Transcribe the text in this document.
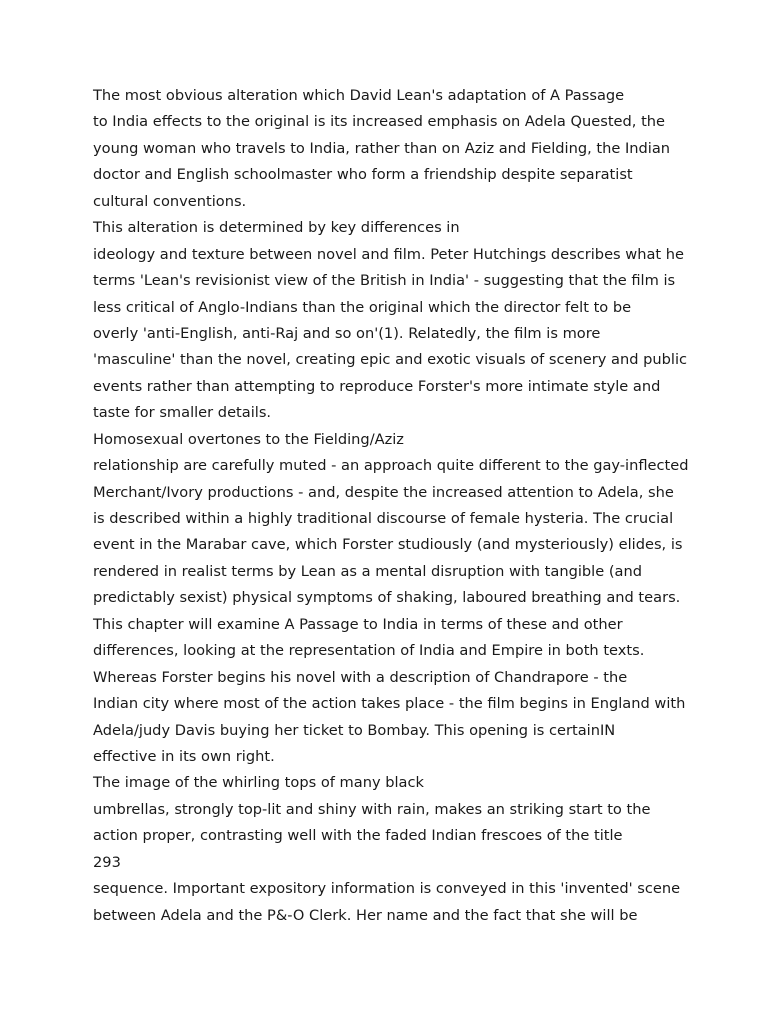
The most obvious alteration which David Lean's adaptation of A Passage
to India effects to the original is its increased emphasis on Adela Quested, the
young woman who travels to India, rather than on Aziz and Fielding, the Indian
doctor and English schoolmaster who form a friendship despite separatist
cultural conventions.
This alteration is determined by key differences in
ideology and texture between novel and film. Peter Hutchings describes what he
terms 'Lean's revisionist view of the British in India' - suggesting that the film is
less critical of Anglo-Indians than the original which the director felt to be
overly 'anti-English, anti-Raj and so on'(1). Relatedly, the film is more
'masculine' than the novel, creating epic and exotic visuals of scenery and public
events rather than attempting to reproduce Forster's more intimate style and
taste for smaller details.
Homosexual overtones to the Fielding/Aziz
relationship are carefully muted - an approach quite different to the gay-inflected
Merchant/Ivory productions - and, despite the increased attention to Adela, she
is described within a highly traditional discourse of female hysteria. The crucial
event in the Marabar cave, which Forster studiously (and mysteriously) elides, is
rendered in realist terms by Lean as a mental disruption with tangible (and
predictably sexist) physical symptoms of shaking, laboured breathing and tears.
This chapter will examine A Passage to India in terms of these and other
differences, looking at the representation of India and Empire in both texts.
Whereas Forster begins his novel with a description of Chandrapore - the
Indian city where most of the action takes place - the film begins in England with
Adela/judy Davis buying her ticket to Bombay. This opening is certainIN
effective in its own right.
The image of the whirling tops of many black
umbrellas, strongly top-lit and shiny with rain, makes an striking start to the
action proper, contrasting well with the faded Indian frescoes of the title
293
sequence. Important expository information is conveyed in this 'invented' scene
between Adela and the P&-O Clerk. Her name and the fact that she will be
